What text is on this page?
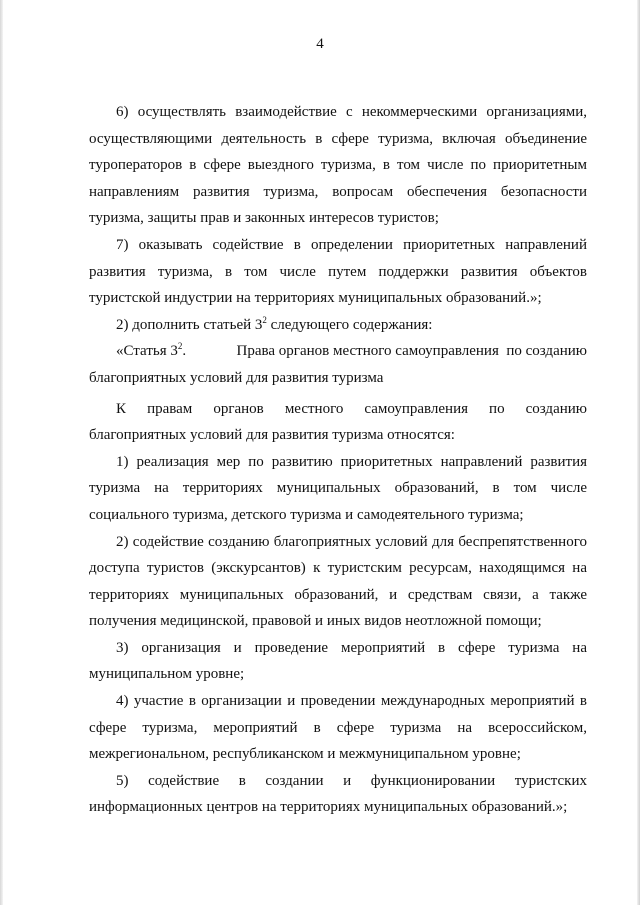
4

6) осуществлять взаимодействие с некоммерческими организациями,
осуществляющими деятельность в сфере туризма, включая объединение
туроператоров в сфере выездного туризма, в том числе по приоритетным
направлениям развития туризма, вопросам обеспечения безопасности
туризма, защиты прав и законных интересов туристов;

7) оказывать содействие в определении приоритетных направлений
развития туризма, в том числе путем поддержки развития объектов
туристской индустрии на территориях муниципальных образований.»;

2) дополнить статьей $3^2$ следующего содержания:

«Статья $3^2$.	Права органов местного самоуправления  по созданию
благоприятных условий для развития туризма

К правам органов местного самоуправления по созданию
благоприятных условий для развития туризма относятся:

1) реализация мер по развитию приоритетных направлений развития
туризма на территориях муниципальных образований, в том числе
социального туризма, детского туризма и самодеятельного туризма;

2) содействие созданию благоприятных условий для беспрепятственного
доступа туристов (экскурсантов) к туристским ресурсам, находящимся на
территориях муниципальных образований, и средствам связи, а также
получения медицинской, правовой и иных видов неотложной помощи;

3) организация и проведение мероприятий в сфере туризма на
муниципальном уровне;

4) участие в организации и проведении международных мероприятий в
сфере туризма, мероприятий в сфере туризма на всероссийском,
межрегиональном, республиканском и межмуниципальном уровне;

5) содействие в создании и функционировании туристских
информационных центров на территориях муниципальных образований.»;
